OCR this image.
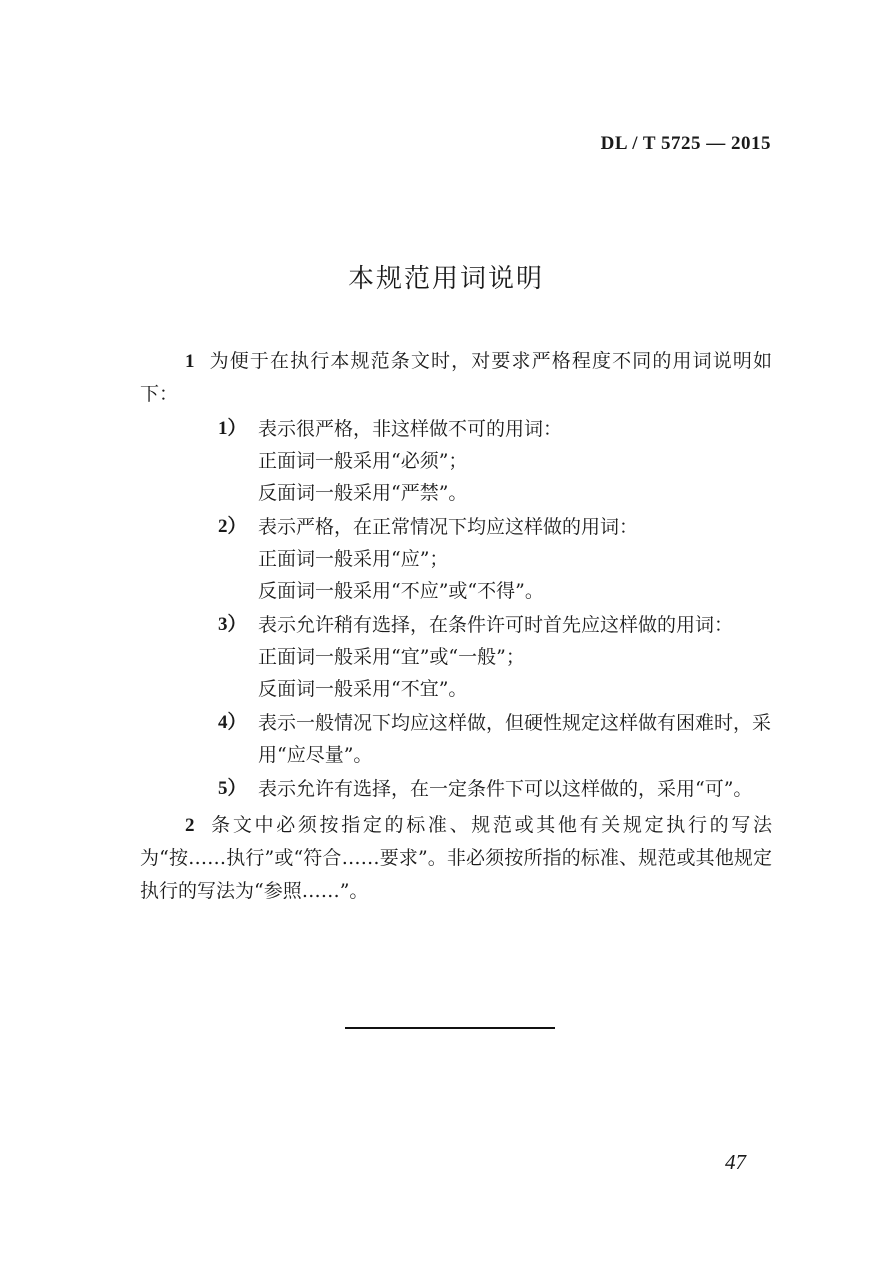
DL / T 5725 — 2015
本规范用词说明
1 为便于在执行本规范条文时，对要求严格程度不同的用词说明如下：
1） 表示很严格，非这样做不可的用词：
正面词一般采用“必须”；
反面词一般采用“严禁”。
2） 表示严格，在正常情况下均应这样做的用词：
正面词一般采用“应”；
反面词一般采用“不应”或“不得”。
3） 表示允许稍有选择，在条件许可时首先应这样做的用词：
正面词一般采用“宜”或“一般”；
反面词一般采用“不宜”。
4） 表示一般情况下均应这样做，但硬性规定这样做有困难时，采用“应尽量”。
5） 表示允许有选择，在一定条件下可以这样做的，采用“可”。
2 条文中必须按指定的标准、规范或其他有关规定执行的写法为“按……执行”或“符合……要求”。非必须按所指的标准、规范或其他规定执行的写法为“参照……”。
47
